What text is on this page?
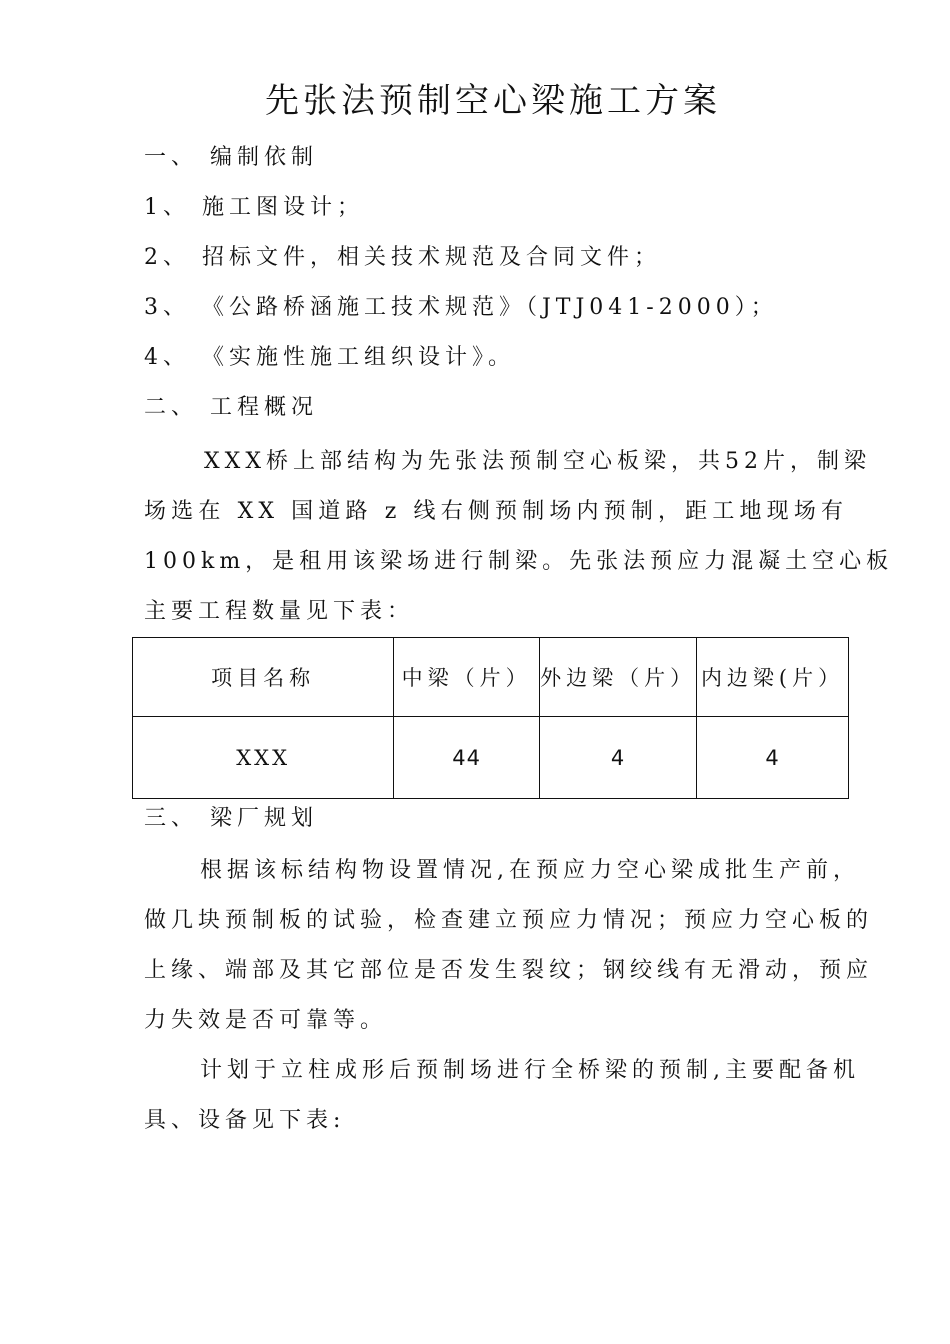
先张法预制空心梁施工方案
一、 编制依制
1、 施工图设计；
2、 招标文件，相关技术规范及合同文件；
3、 《公路桥涵施工技术规范》（JTJ041-2000）；
4、 《实施性施工组织设计》。
二、 工程概况
XXX桥上部结构为先张法预制空心板梁，共52片，制梁
场选在 XX 国道路 z 线右侧预制场内预制，距工地现场有
100km，是租用该梁场进行制梁。先张法预应力混凝土空心板
主要工程数量见下表：
项目名称	中梁（片）	外边梁（片）	内边梁(片）
XXX	44	4	4
三、 梁厂规划
根据该标结构物设置情况,在预应力空心梁成批生产前，
做几块预制板的试验，检查建立预应力情况；预应力空心板的
上缘、端部及其它部位是否发生裂纹；钢绞线有无滑动，预应
力失效是否可靠等。
计划于立柱成形后预制场进行全桥梁的预制,主要配备机
具、设备见下表:
